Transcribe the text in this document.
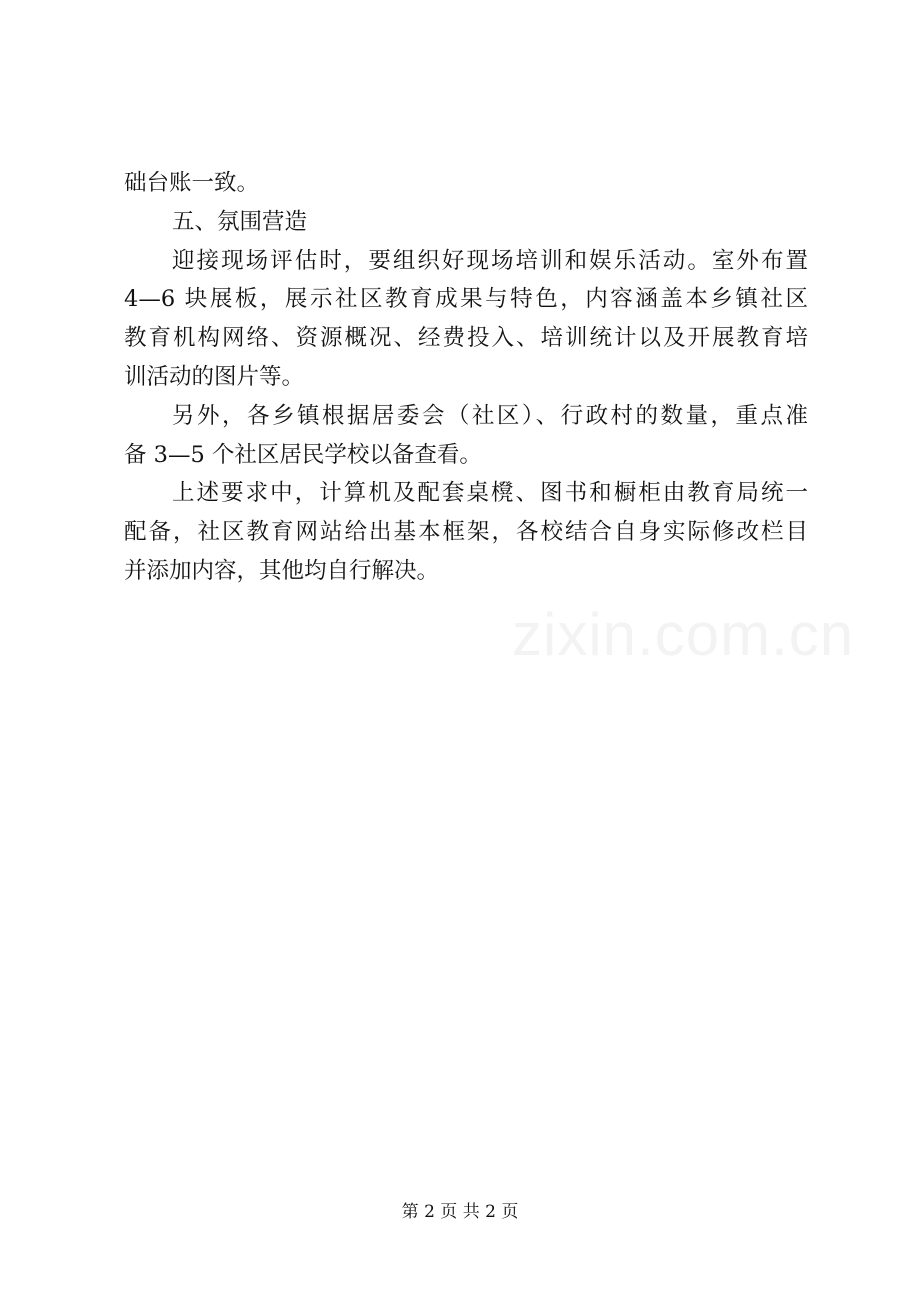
础台账一致。
五、氛围营造
迎接现场评估时，要组织好现场培训和娱乐活动。室外布置
4—6 块展板，展示社区教育成果与特色，内容涵盖本乡镇社区
教育机构网络、资源概况、经费投入、培训统计以及开展教育培
训活动的图片等。
另外，各乡镇根据居委会（社区）、行政村的数量，重点准
备 3—5 个社区居民学校以备查看。
上述要求中，计算机及配套桌櫈、图书和橱柜由教育局统一
配备，社区教育网站给出基本框架，各校结合自身实际修改栏目
并添加内容，其他均自行解决。
zixin.com.cn
第 2 页 共 2 页
